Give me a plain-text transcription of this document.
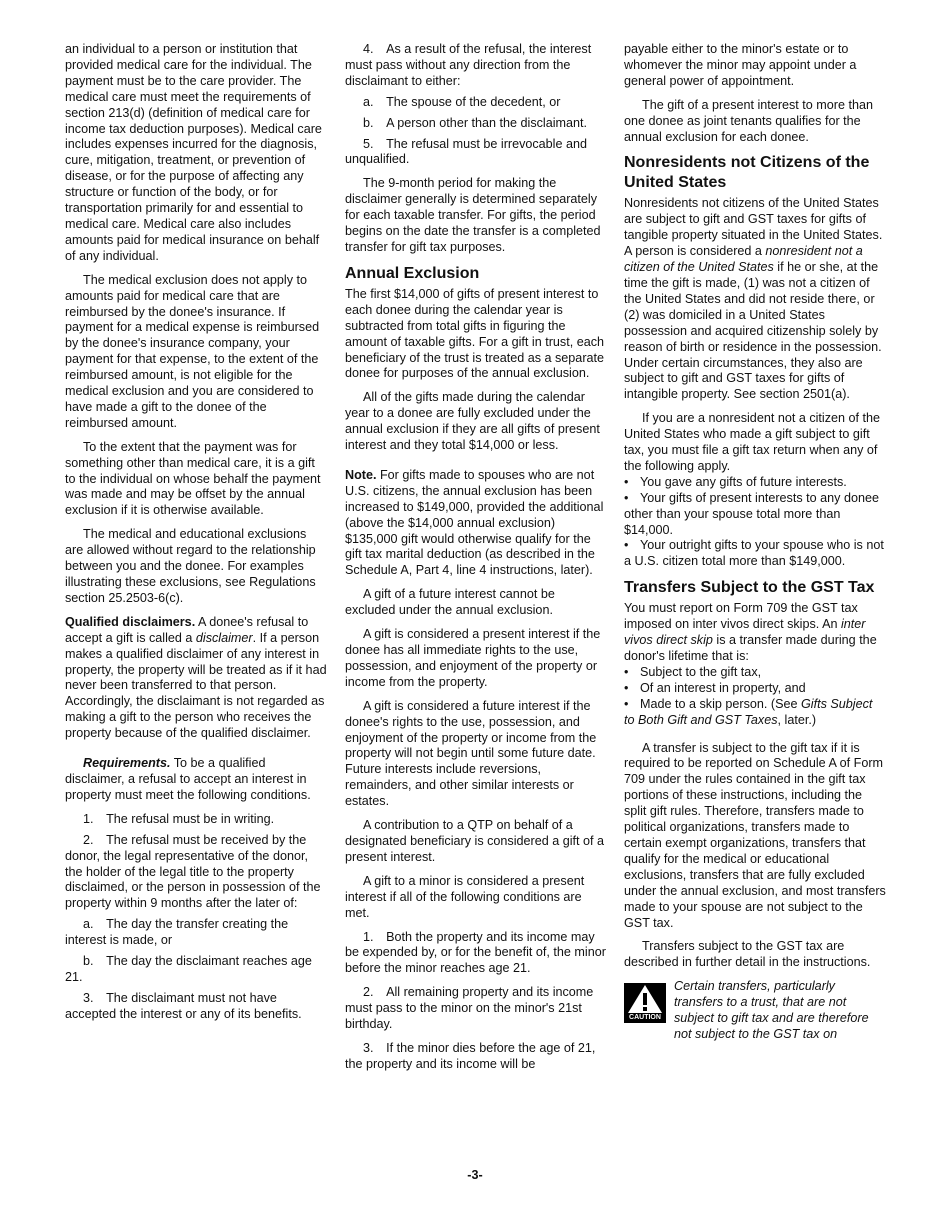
an individual to a person or institution that provided medical care for the individual. The payment must be to the care provider. The medical care must meet the requirements of section 213(d) (definition of medical care for income tax deduction purposes). Medical care includes expenses incurred for the diagnosis, cure, mitigation, treatment, or prevention of disease, or for the purpose of affecting any structure or function of the body, or for transportation primarily for and essential to medical care. Medical care also includes amounts paid for medical insurance on behalf of any individual.

The medical exclusion does not apply to amounts paid for medical care that are reimbursed by the donee's insurance. If payment for a medical expense is reimbursed by the donee's insurance company, your payment for that expense, to the extent of the reimbursed amount, is not eligible for the medical exclusion and you are considered to have made a gift to the donee of the reimbursed amount.

To the extent that the payment was for something other than medical care, it is a gift to the individual on whose behalf the payment was made and may be offset by the annual exclusion if it is otherwise available.

The medical and educational exclusions are allowed without regard to the relationship between you and the donee. For examples illustrating these exclusions, see Regulations section 25.2503-6(c).

Qualified disclaimers. A donee's refusal to accept a gift is called a disclaimer. If a person makes a qualified disclaimer of any interest in property, the property will be treated as if it had never been transferred to that person. Accordingly, the disclaimant is not regarded as making a gift to the person who receives the property because of the qualified disclaimer.

Requirements. To be a qualified disclaimer, a refusal to accept an interest in property must meet the following conditions.

1. The refusal must be in writing.

2. The refusal must be received by the donor, the legal representative of the donor, the holder of the legal title to the property disclaimed, or the person in possession of the property within 9 months after the later of:

a. The day the transfer creating the interest is made, or

b. The day the disclaimant reaches age 21.

3. The disclaimant must not have accepted the interest or any of its benefits.

4. As a result of the refusal, the interest must pass without any direction from the disclaimant to either:

a. The spouse of the decedent, or

b. A person other than the disclaimant.

5. The refusal must be irrevocable and unqualified.

The 9-month period for making the disclaimer generally is determined separately for each taxable transfer. For gifts, the period begins on the date the transfer is a completed transfer for gift tax purposes.

Annual Exclusion

The first $14,000 of gifts of present interest to each donee during the calendar year is subtracted from total gifts in figuring the amount of taxable gifts. For a gift in trust, each beneficiary of the trust is treated as a separate donee for purposes of the annual exclusion.

All of the gifts made during the calendar year to a donee are fully excluded under the annual exclusion if they are all gifts of present interest and they total $14,000 or less.

Note. For gifts made to spouses who are not U.S. citizens, the annual exclusion has been increased to $149,000, provided the additional (above the $14,000 annual exclusion) $135,000 gift would otherwise qualify for the gift tax marital deduction (as described in the Schedule A, Part 4, line 4 instructions, later).

A gift of a future interest cannot be excluded under the annual exclusion.

A gift is considered a present interest if the donee has all immediate rights to the use, possession, and enjoyment of the property or income from the property.

A gift is considered a future interest if the donee's rights to the use, possession, and enjoyment of the property or income from the property will not begin until some future date. Future interests include reversions, remainders, and other similar interests or estates.

A contribution to a QTP on behalf of a designated beneficiary is considered a gift of a present interest.

A gift to a minor is considered a present interest if all of the following conditions are met.

1. Both the property and its income may be expended by, or for the benefit of, the minor before the minor reaches age 21.

2. All remaining property and its income must pass to the minor on the minor's 21st birthday.

3. If the minor dies before the age of 21, the property and its income will be

payable either to the minor's estate or to whomever the minor may appoint under a general power of appointment.

The gift of a present interest to more than one donee as joint tenants qualifies for the annual exclusion for each donee.

Nonresidents not Citizens of the United States

Nonresidents not citizens of the United States are subject to gift and GST taxes for gifts of tangible property situated in the United States. A person is considered a nonresident not a citizen of the United States if he or she, at the time the gift is made, (1) was not a citizen of the United States and did not reside there, or (2) was domiciled in a United States possession and acquired citizenship solely by reason of birth or residence in the possession. Under certain circumstances, they also are subject to gift and GST taxes for gifts of intangible property. See section 2501(a).

If you are a nonresident not a citizen of the United States who made a gift subject to gift tax, you must file a gift tax return when any of the following apply.

• You gave any gifts of future interests.

• Your gifts of present interests to any donee other than your spouse total more than $14,000.

• Your outright gifts to your spouse who is not a U.S. citizen total more than $149,000.

Transfers Subject to the GST Tax

You must report on Form 709 the GST tax imposed on inter vivos direct skips. An inter vivos direct skip is a transfer made during the donor's lifetime that is:

• Subject to the gift tax,

• Of an interest in property, and

• Made to a skip person. (See Gifts Subject to Both Gift and GST Taxes, later.)

A transfer is subject to the gift tax if it is required to be reported on Schedule A of Form 709 under the rules contained in the gift tax portions of these instructions, including the split gift rules. Therefore, transfers made to political organizations, transfers made to certain exempt organizations, transfers that qualify for the medical or educational exclusions, transfers that are fully excluded under the annual exclusion, and most transfers made to your spouse are not subject to the GST tax.

Transfers subject to the GST tax are described in further detail in the instructions.

CAUTION

Certain transfers, particularly transfers to a trust, that are not subject to gift tax and are therefore not subject to the GST tax on

-3-
